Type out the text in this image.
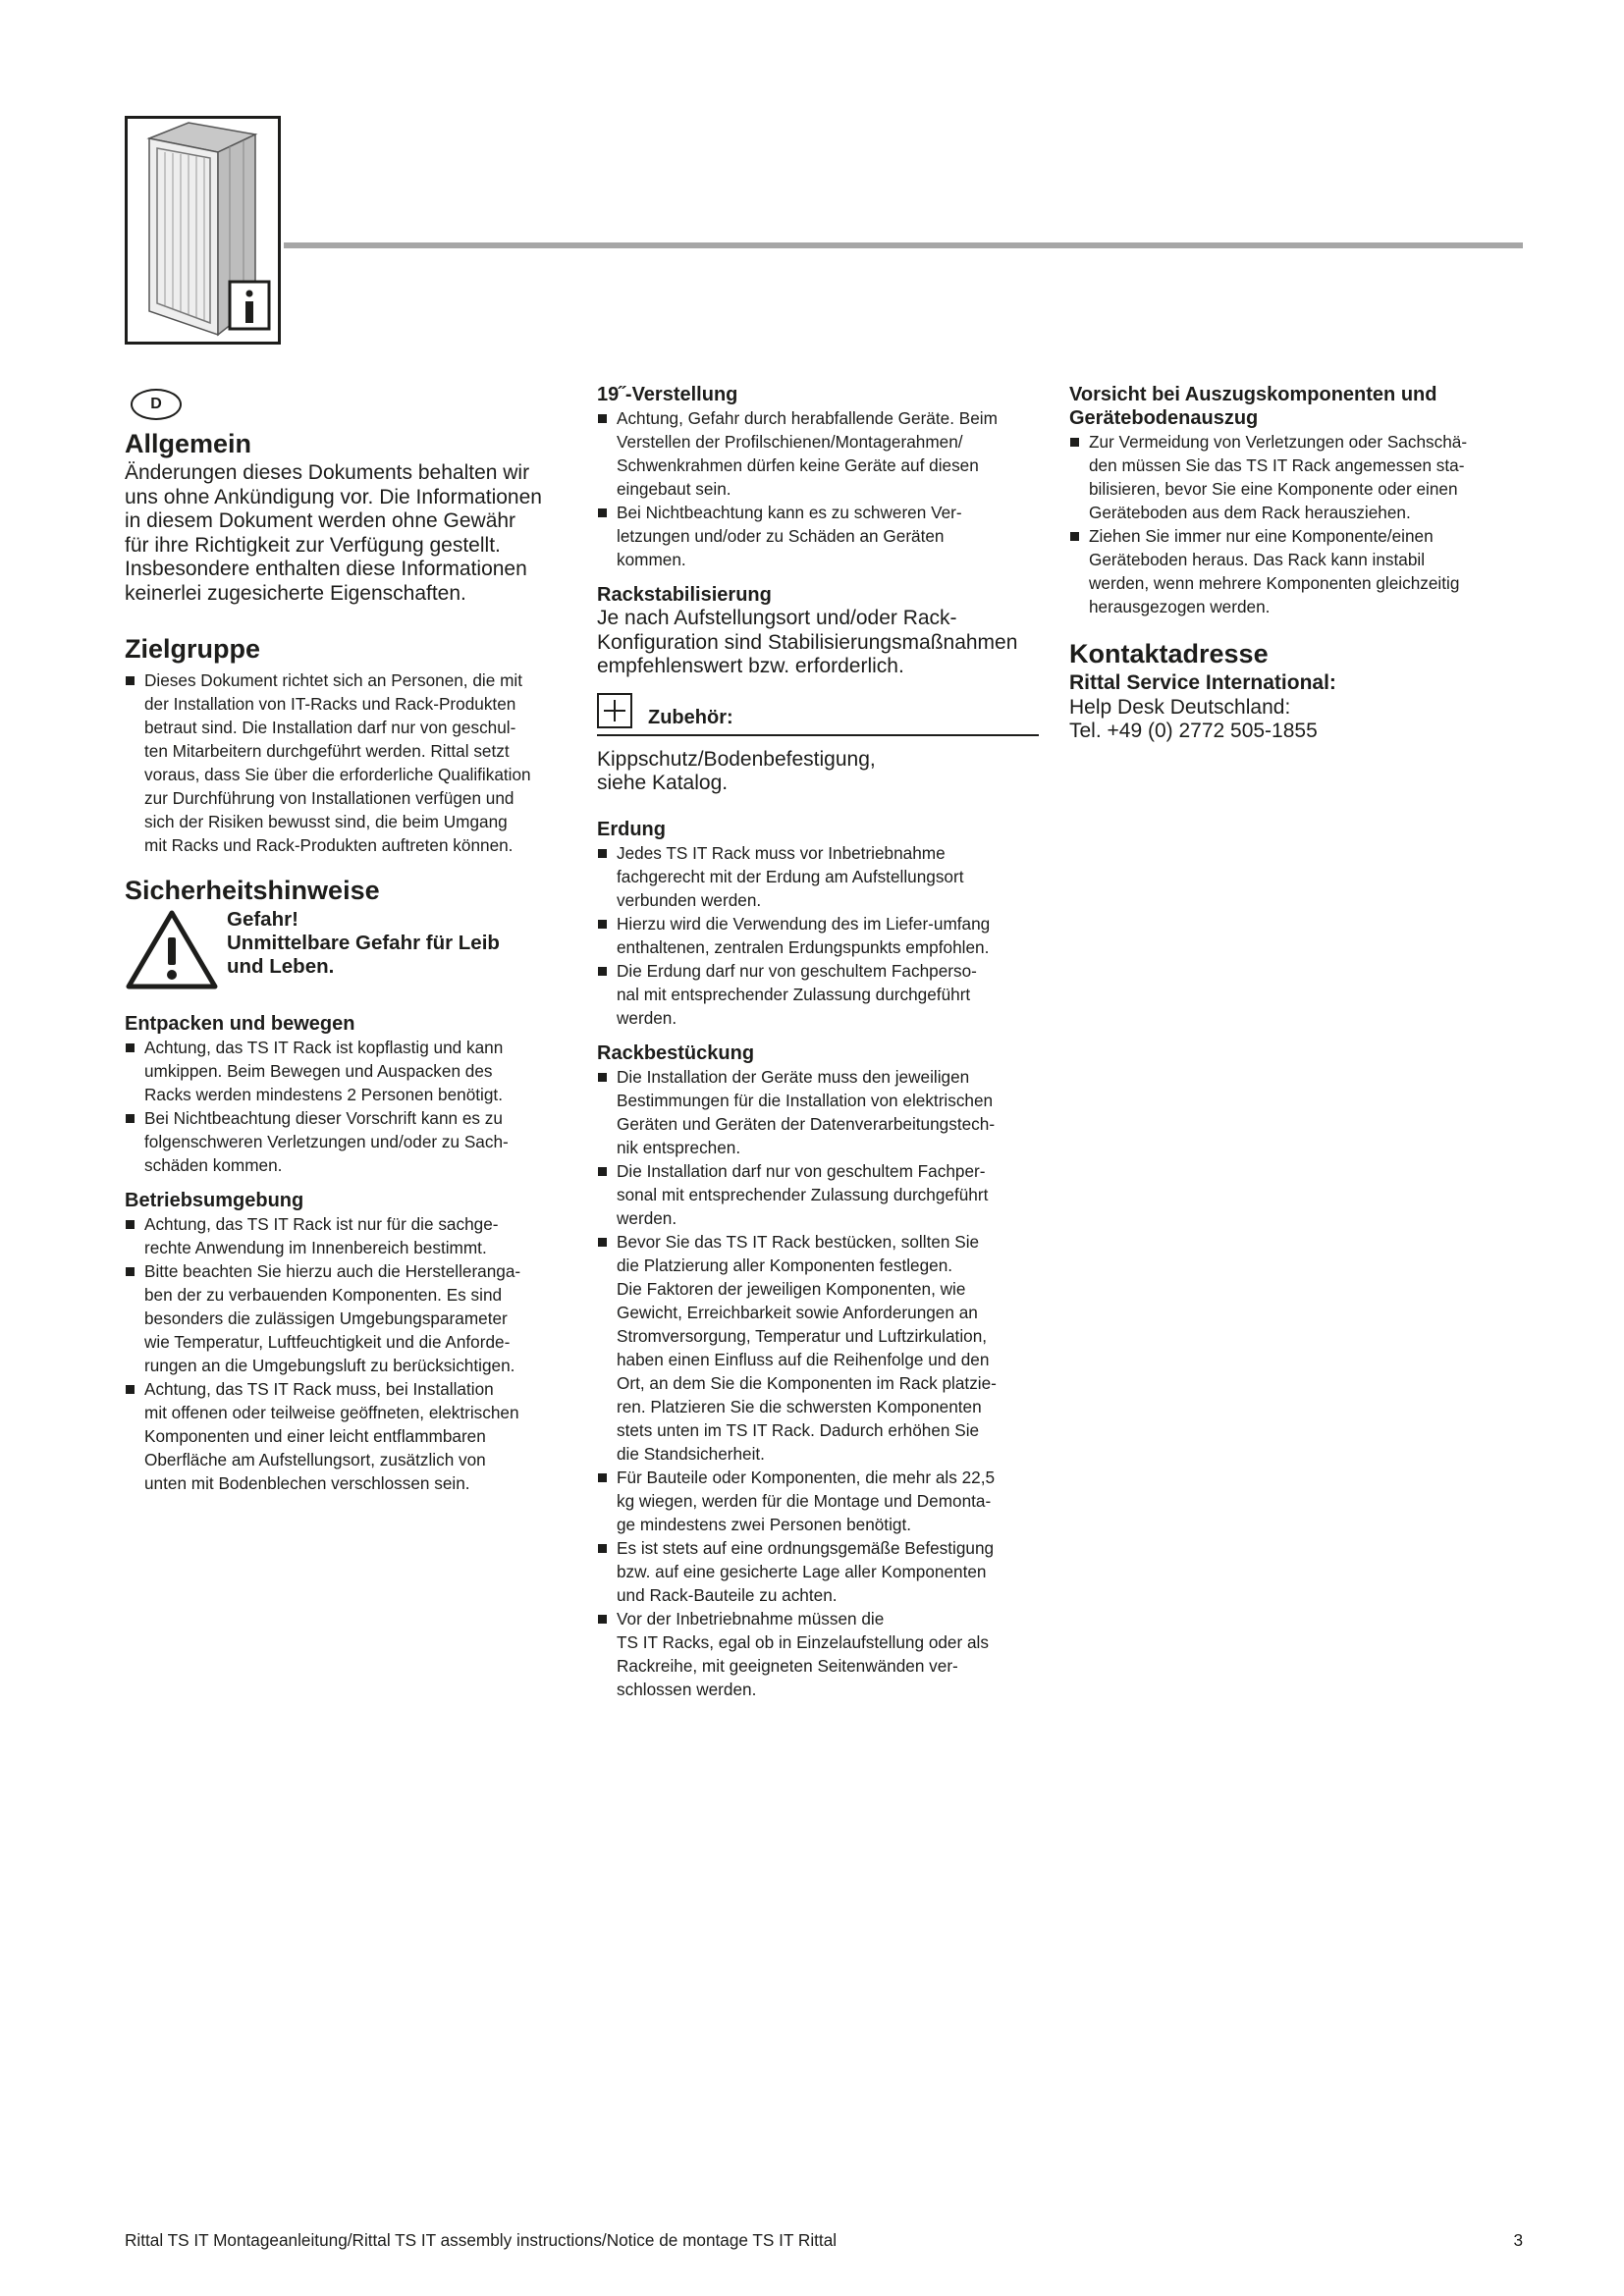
D
Allgemein
Änderungen dieses Dokuments behalten wir
uns ohne Ankündigung vor. Die Informationen
in diesem Dokument werden ohne Gewähr
für ihre Richtigkeit zur Verfügung gestellt.
Insbesondere enthalten diese Informationen
keinerlei zugesicherte Eigenschaften.
Zielgruppe
Dieses Dokument richtet sich an Personen, die mit
der Installation von IT-Racks und Rack-Produkten
betraut sind. Die Installation darf nur von geschul-
ten Mitarbeitern durchgeführt werden. Rittal setzt
voraus, dass Sie über die erforderliche Qualifikation
zur Durchführung von Installationen verfügen und
sich der Risiken bewusst sind, die beim Umgang
mit Racks und Rack-Produkten auftreten können.
Sicherheitshinweise
Gefahr!
Unmittelbare Gefahr für Leib
und Leben.
Entpacken und bewegen
Achtung, das TS IT Rack ist kopflastig und kann
umkippen. Beim Bewegen und Auspacken des
Racks werden mindestens 2 Personen benötigt.
Bei Nichtbeachtung dieser Vorschrift kann es zu
folgenschweren Verletzungen und/oder zu Sach-
schäden kommen.
Betriebsumgebung
Achtung, das TS IT Rack ist nur für die sachge-
rechte Anwendung im Innenbereich bestimmt.
Bitte beachten Sie hierzu auch die Herstelleranga-
ben der zu verbauenden Komponenten. Es sind
besonders die zulässigen Umgebungsparameter
wie Temperatur, Luftfeuchtigkeit und die Anforde-
rungen an die Umgebungsluft zu berücksichtigen.
Achtung, das TS IT Rack muss, bei Installation
mit offenen oder teilweise geöffneten, elektrischen
Komponenten und einer leicht entflammbaren
Oberfläche am Aufstellungsort, zusätzlich von
unten mit Bodenblechen verschlossen sein.
19˝-Verstellung
Achtung, Gefahr durch herabfallende Geräte. Beim
Verstellen der Profilschienen/Montagerahmen/
Schwenkrahmen dürfen keine Geräte auf diesen
eingebaut sein.
Bei Nichtbeachtung kann es zu schweren Ver-
letzungen und/oder zu Schäden an Geräten
kommen.
Rackstabilisierung
Je nach Aufstellungsort und/oder Rack-
Konfiguration sind Stabilisierungsmaßnahmen
empfehlenswert bzw. erforderlich.
Zubehör:
Kippschutz/Bodenbefestigung,
siehe Katalog.
Erdung
Jedes TS IT Rack muss vor Inbetriebnahme
fachgerecht mit der Erdung am Aufstellungsort
verbunden werden.
Hierzu wird die Verwendung des im Liefer-umfang
enthaltenen, zentralen Erdungspunkts empfohlen.
Die Erdung darf nur von geschultem Fachperso-
nal mit entsprechender Zulassung durchgeführt
werden.
Rackbestückung
Die Installation der Geräte muss den jeweiligen
Bestimmungen für die Installation von elektrischen
Geräten und Geräten der Datenverarbeitungstech-
nik entsprechen.
Die Installation darf nur von geschultem Fachper-
sonal mit entsprechender Zulassung durchgeführt
werden.
Bevor Sie das TS IT Rack bestücken, sollten Sie
die Platzierung aller Komponenten festlegen.
Die Faktoren der jeweiligen Komponenten, wie
Gewicht, Erreichbarkeit sowie Anforderungen an
Stromversorgung, Temperatur und Luftzirkulation,
haben einen Einfluss auf die Reihenfolge und den
Ort, an dem Sie die Komponenten im Rack platzie-
ren. Platzieren Sie die schwersten Komponenten
stets unten im TS IT Rack. Dadurch erhöhen Sie
die Standsicherheit.
Für Bauteile oder Komponenten, die mehr als 22,5
kg wiegen, werden für die Montage und Demonta-
ge mindestens zwei Personen benötigt.
Es ist stets auf eine ordnungsgemäße Befestigung
bzw. auf eine gesicherte Lage aller Komponenten
und Rack-Bauteile zu achten.
Vor der Inbetriebnahme müssen die
TS IT Racks, egal ob in Einzelaufstellung oder als
Rackreihe, mit geeigneten Seitenwänden ver-
schlossen werden.
Vorsicht bei Auszugskomponenten und
Gerätebodenauszug
Zur Vermeidung von Verletzungen oder Sachschä-
den müssen Sie das TS IT Rack angemessen sta-
bilisieren, bevor Sie eine Komponente oder einen
Geräteboden aus dem Rack herausziehen.
Ziehen Sie immer nur eine Komponente/einen
Geräteboden heraus. Das Rack kann instabil
werden, wenn mehrere Komponenten gleichzeitig
herausgezogen werden.
Kontaktadresse
Rittal Service International:
Help Desk Deutschland:
Tel. +49 (0) 2772 505-1855
Rittal TS IT Montageanleitung/Rittal TS IT assembly instructions/Notice de montage TS IT Rittal	3
